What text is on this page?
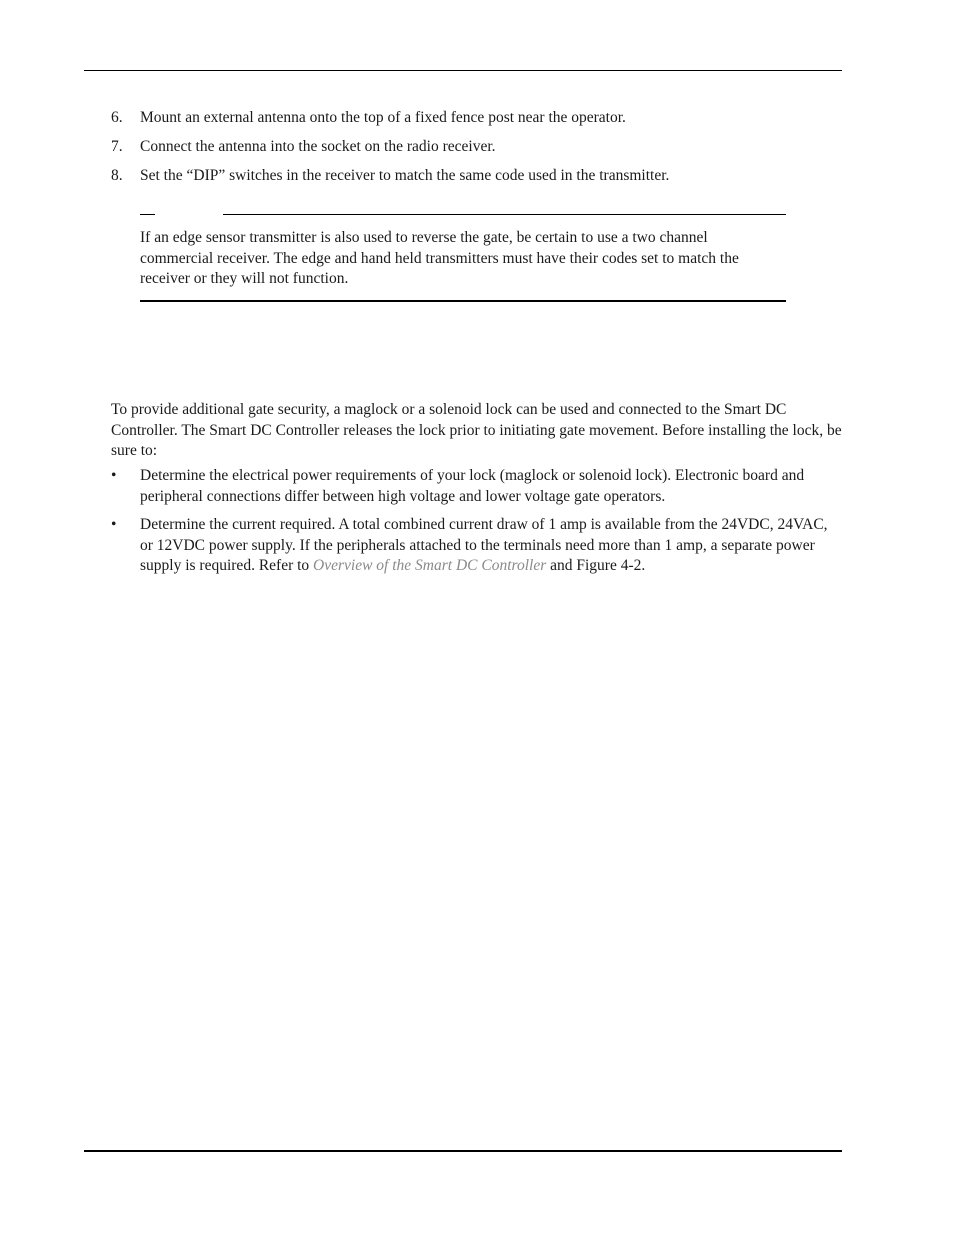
6. Mount an external antenna onto the top of a fixed fence post near the operator.
7. Connect the antenna into the socket on the radio receiver.
8. Set the “DIP” switches in the receiver to match the same code used in the transmitter.

If an edge sensor transmitter is also used to reverse the gate, be certain to use a two channel commercial receiver. The edge and hand held transmitters must have their codes set to match the receiver or they will not function.

To provide additional gate security, a maglock or a solenoid lock can be used and connected to the Smart DC Controller. The Smart DC Controller releases the lock prior to initiating gate movement. Before installing the lock, be sure to:

• Determine the electrical power requirements of your lock (maglock or solenoid lock). Electronic board and peripheral connections differ between high voltage and lower voltage gate operators.
• Determine the current required. A total combined current draw of 1 amp is available from the 24VDC, 24VAC, or 12VDC power supply. If the peripherals attached to the terminals need more than 1 amp, a separate power supply is required. Refer to Overview of the Smart DC Controller and Figure 4-2.
